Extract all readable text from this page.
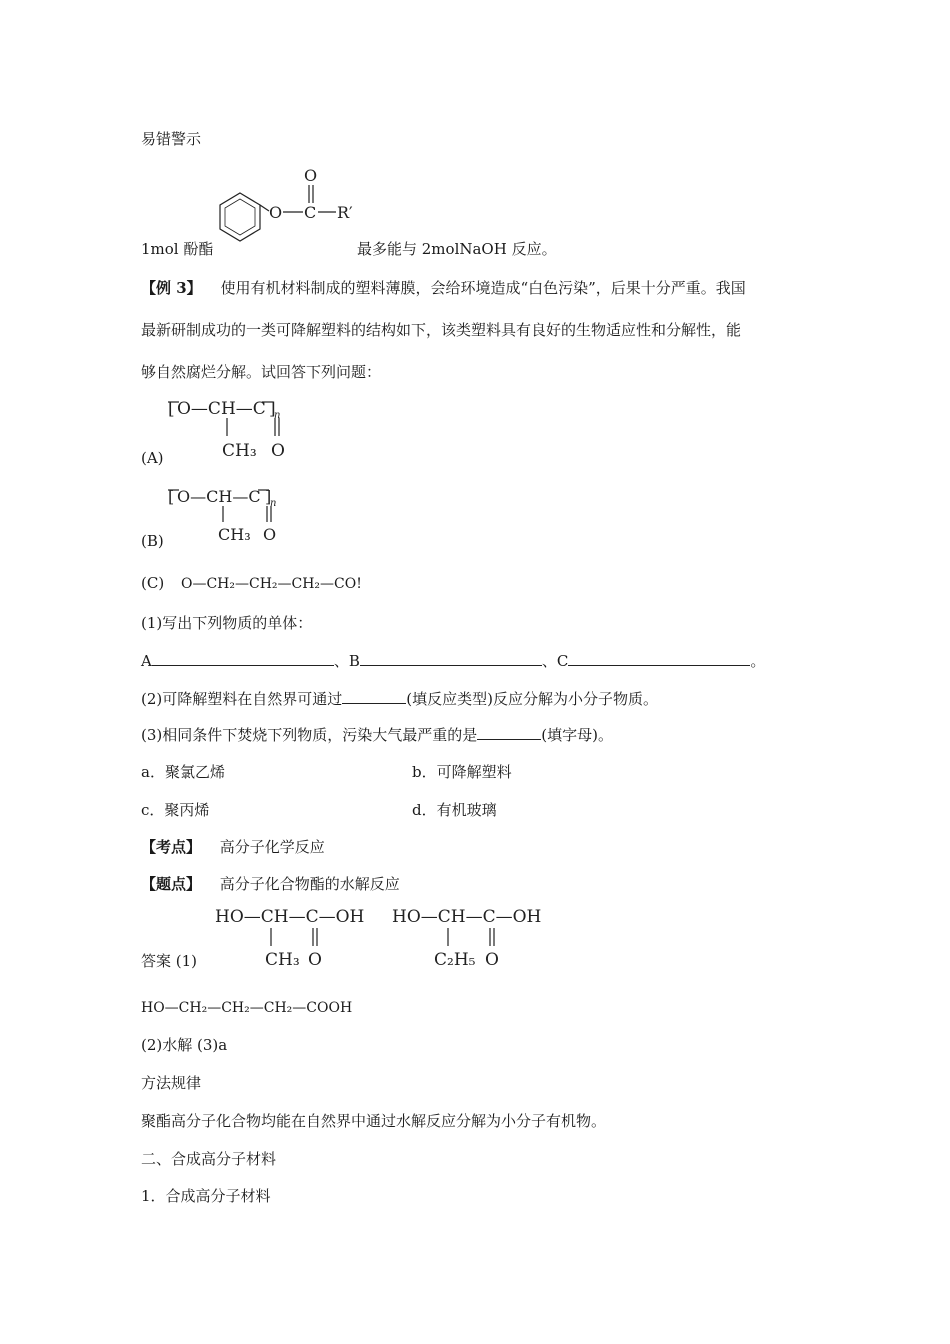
易错警示
O C
O
R′
1mol 酚酯	最多能与 2molNaOH 反应。
【例 3】 使用有机材料制成的塑料薄膜，会给环境造成“白色污染”，后果十分严重。我国
最新研制成功的一类可降解塑料的结构如下，该类塑料具有良好的生物适应性和分解性，能
够自然腐烂分解。试回答下列问题：
[ O—CH—C ]
n
CH₃ O
(A)
[ O—CH—C ]
n
CH₃ O
(B)
(C) O—CH₂—CH₂—CH₂—CO!
(1)写出下列物质的单体：
A	、B	、C	。
(2)可降解塑料在自然界可通过	(填反应类型)反应分解为小分子物质。
(3)相同条件下焚烧下列物质，污染大气最严重的是	(填字母)。
a．聚氯乙烯	b．可降解塑料
c．聚丙烯	d．有机玻璃
【考点】 高分子化学反应
【题点】 高分子化合物酯的水解反应
HO—CH—C—OH
CH₃ O
HO—CH—C—OH
C₂H₅ O
答案 (1)
HO—CH₂—CH₂—CH₂—COOH
(2)水解 (3)a
方法规律
聚酯高分子化合物均能在自然界中通过水解反应分解为小分子有机物。
二、合成高分子材料
1．合成高分子材料
